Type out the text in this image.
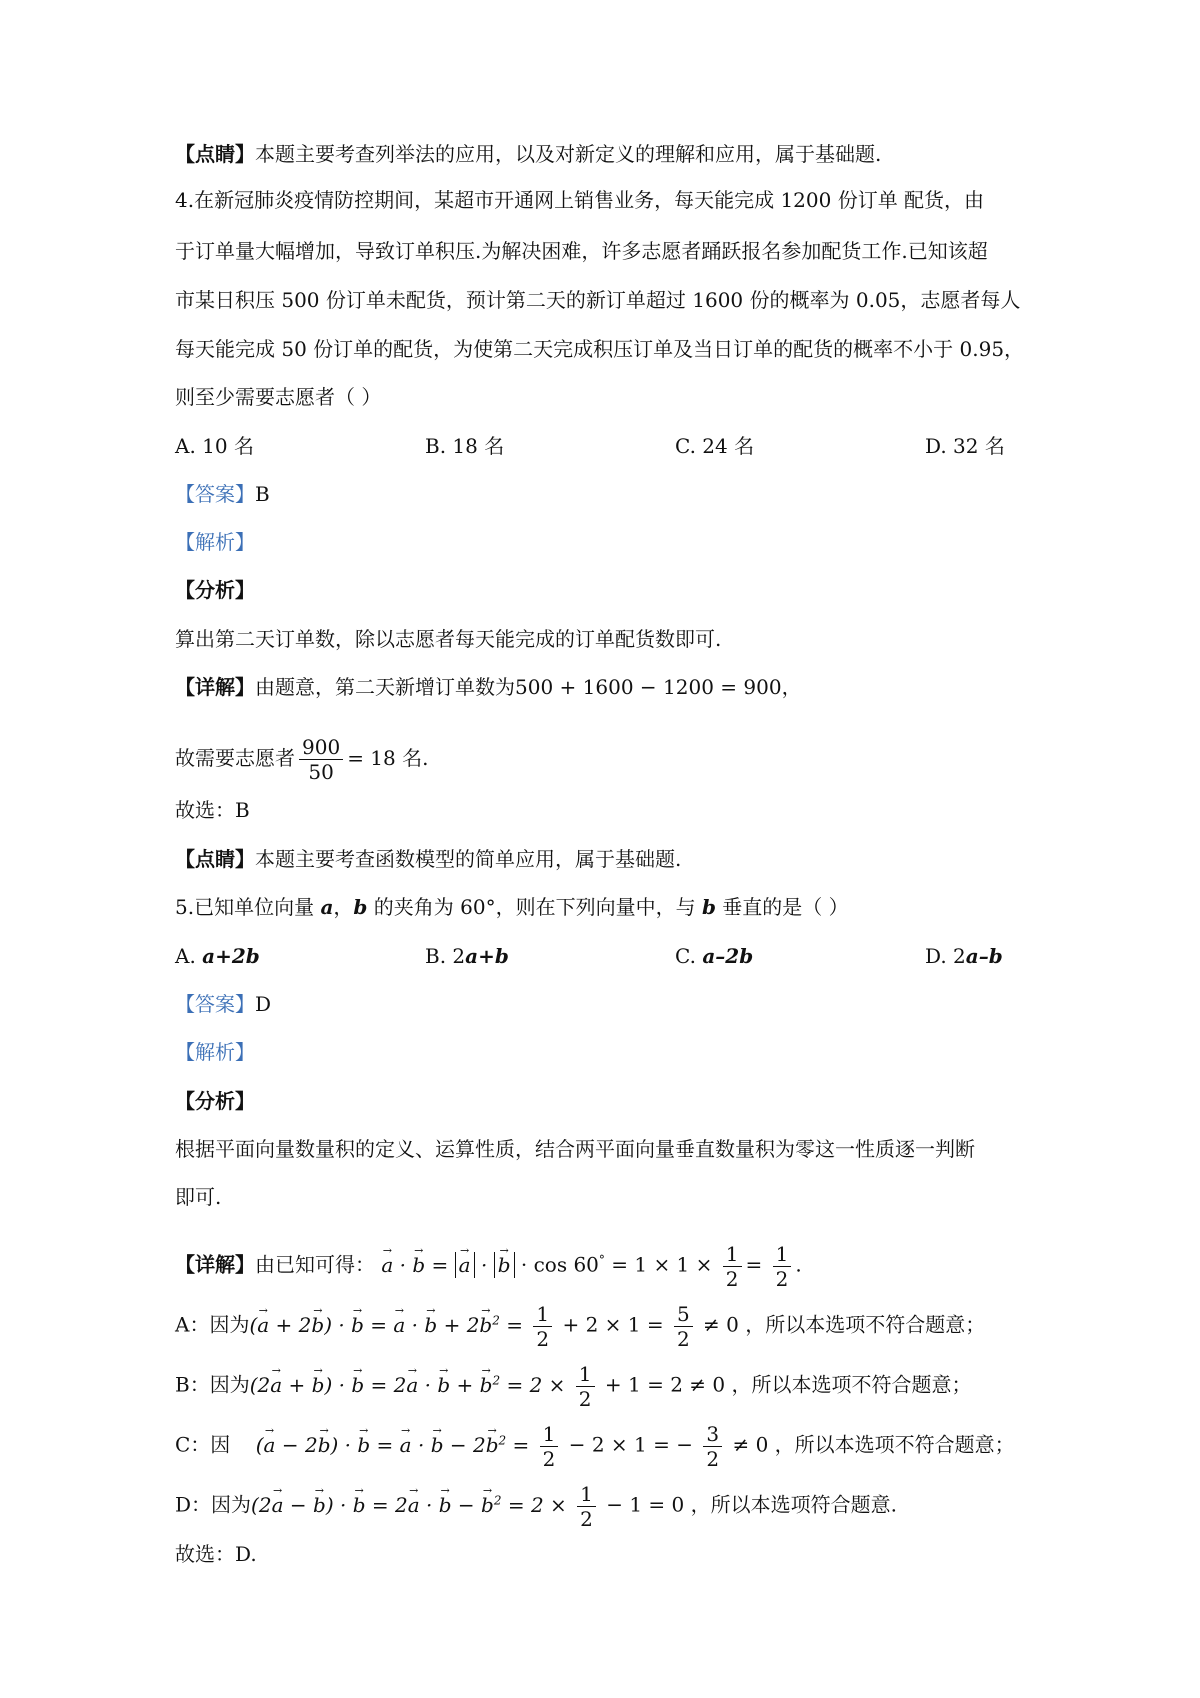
【点睛】本题主要考查列举法的应用，以及对新定义的理解和应用，属于基础题.
4.在新冠肺炎疫情防控期间，某超市开通网上销售业务，每天能完成 1200 份订单 配货，由
于订单量大幅增加，导致订单积压.为解决困难，许多志愿者踊跃报名参加配货工作.已知该超
市某日积压 500 份订单未配货，预计第二天的新订单超过 1600 份的概率为 0.05，志愿者每人
每天能完成 50 份订单的配货，为使第二天完成积压订单及当日订单的配货的概率不小于 0.95，
则至少需要志愿者（ ）
A. 10 名	B. 18 名	C. 24 名	D. 32 名
【答案】B
【解析】
【分析】
算出第二天订单数，除以志愿者每天能完成的订单配货数即可.
【详解】由题意，第二天新增订单数为500 + 1600 − 1200 = 900，
故需要志愿者 $\frac{900}{50} = 18$ 名.
故选：B
【点睛】本题主要考查函数模型的简单应用，属于基础题.
5.已知单位向量 a，b 的夹角为 60°，则在下列向量中，与 b 垂直的是（ ）
A. a+2b	B. 2a+b	C. a–2b	D. 2a–b
【答案】D
【解析】
【分析】
根据平面向量数量积的定义、运算性质，结合两平面向量垂直数量积为零这一性质逐一判断
即可.
【详解】由已知可得： → a · → b = → a · → $b \cdot \cos 60^\circ = 1 \times 1 \times \frac{1}{2} = \frac{1}{2}$ .
A：因为(→ a + 2→ b) · → b = → a · → $b + 2\to b^2 = \frac{1}{2} + 2 \times 1 = \frac{5}{2} \ne 0$ ，所以本选项不符合题意；
B：因为(2→ a + → b) · → b = 2→ a · → b + → $b^2 = 2 \times \frac{1}{2} + 1 = 2 \ne 0$ ，所以本选项不符合题意；
C：因    (→ a − 2→ b) · → b = → a · → $b - 2\to b^2 = \frac{1}{2} - 2 \times 1$ = − $\frac{3}{2} \ne 0$ ，所以本选项不符合题意；
D：因为(2→ a − → b) · → b = 2→ a · → b − → $b^2 = 2 \times \frac{1}{2} - 1 = 0$ ，所以本选项符合题意.
故选：D.
